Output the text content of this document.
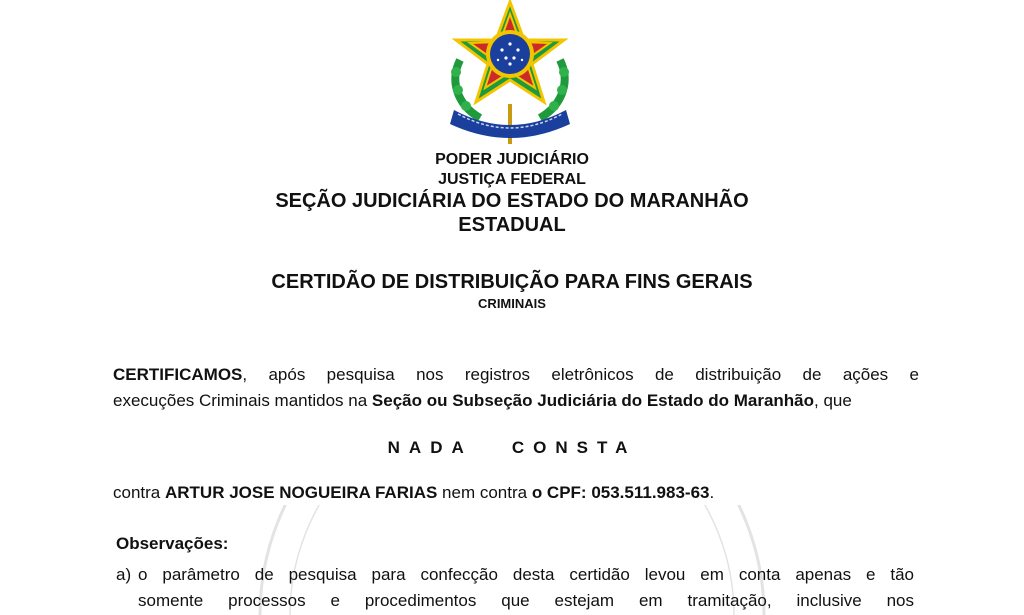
PODER JUDICIÁRIO
JUSTIÇA FEDERAL
SEÇÃO JUDICIÁRIA DO ESTADO DO MARANHÃO
ESTADUAL
CERTIDÃO DE DISTRIBUIÇÃO PARA FINS GERAIS
CRIMINAIS
CERTIFICAMOS, após pesquisa nos registros eletrônicos de distribuição de ações e
execuções Criminais mantidos na Seção ou Subseção Judiciária do Estado do Maranhão, que
NADA CONSTA
contra ARTUR JOSE NOGUEIRA FARIAS nem contra o CPF: 053.511.983-63.
Observações:
a) o parâmetro de pesquisa para confecção desta certidão levou em conta apenas e tão
somente processos e procedimentos que estejam em tramitação, inclusive nos
